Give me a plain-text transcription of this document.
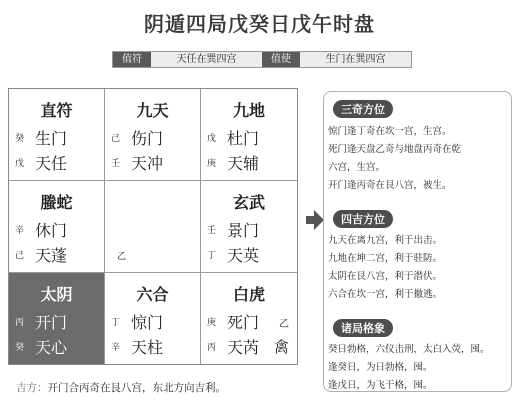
阴遁四局戊癸日戊午时盘
值符	天任在巽四宫	值使	生门在巽四宫
直符
癸 生门
戊 天任
九天
己 伤门
壬 天冲
九地
戊 杜门
庚 天辅
螣蛇
辛 休门
己 天蓬	乙
玄武
壬 景门
丁 天英
太阴
丙 开门
癸 天心
六合
丁 惊门
辛 天柱
白虎
庚 死门
丙 天芮
乙
禽
三奇方位
惊门逢丁奇在坎一宫，生宫。
死门逢天盘乙奇与地盘丙奇在乾
六宫，生宫。
开门逢丙奇在艮八宫，被生。
四吉方位
九天在离九宫，利于出击。
九地在坤二宫，利于驻防。
太阴在艮八宫，利于潜伏。
六合在坎一宫，利于撤逃。
诸局格象
癸日勃格，六仪击刑，太白入荧，囤。
逢癸日，为日勃格，囤。
逢戊日，为飞干格，囤。
吉方：开门合丙奇在艮八宫，东北方向吉利。
